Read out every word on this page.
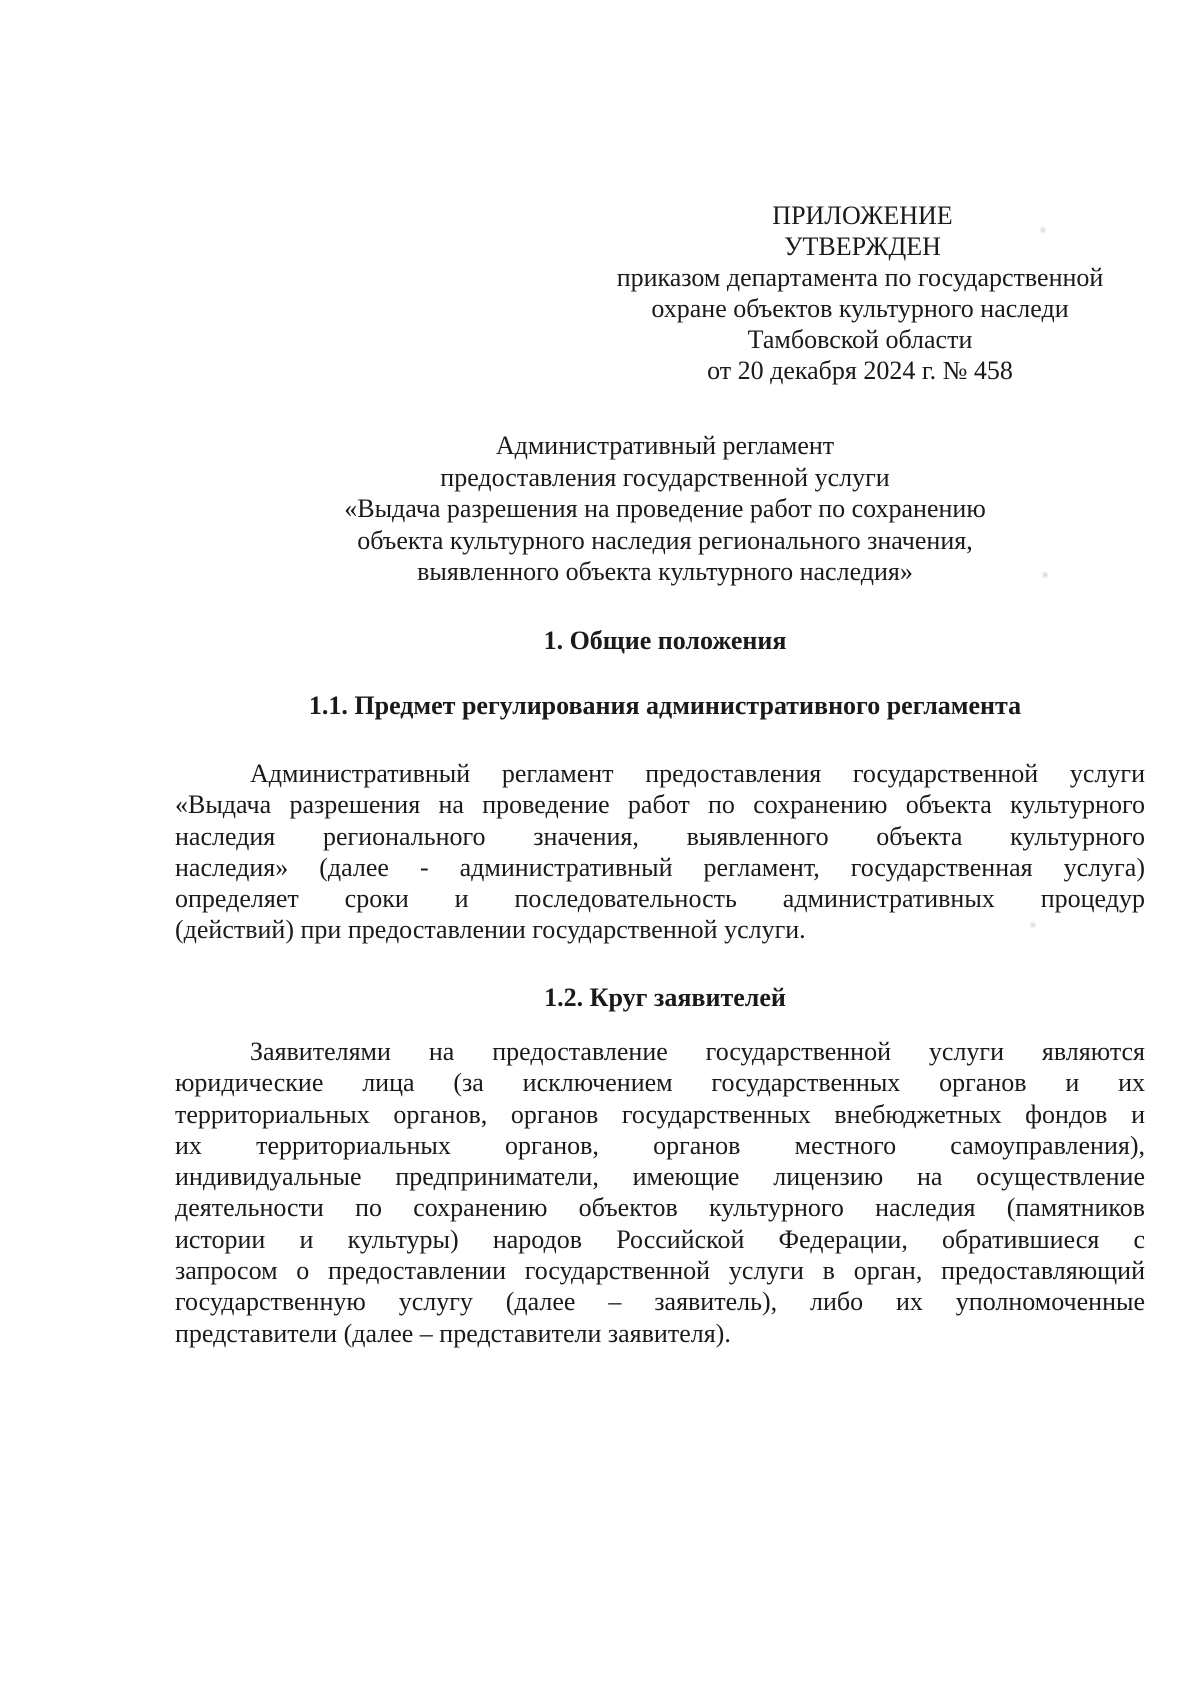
ПРИЛОЖЕНИЕ
УТВЕРЖДЕН
приказом департамента по государственной
охране объектов культурного наследи
Тамбовской области
от 20 декабря 2024 г. № 458
Административный регламент
предоставления государственной услуги
«Выдача разрешения на проведение работ по сохранению
объекта культурного наследия регионального значения,
выявленного объекта культурного наследия»
1. Общие положения
1.1. Предмет регулирования административного регламента
Административный регламент предоставления государственной услуги
«Выдача разрешения на проведение работ по сохранению объекта культурного
наследия регионального значения, выявленного объекта культурного
наследия» (далее - административный регламент, государственная услуга)
определяет сроки и последовательность административных процедур
(действий) при предоставлении государственной услуги.
1.2. Круг заявителей
Заявителями на предоставление государственной услуги являются
юридические лица (за исключением государственных органов и их
территориальных органов, органов государственных внебюджетных фондов и
их территориальных органов, органов местного самоуправления),
индивидуальные предприниматели, имеющие лицензию на осуществление
деятельности по сохранению объектов культурного наследия (памятников
истории и культуры) народов Российской Федерации, обратившиеся с
запросом о предоставлении государственной услуги в орган, предоставляющий
государственную услугу (далее – заявитель), либо их уполномоченные
представители (далее – представители заявителя).
